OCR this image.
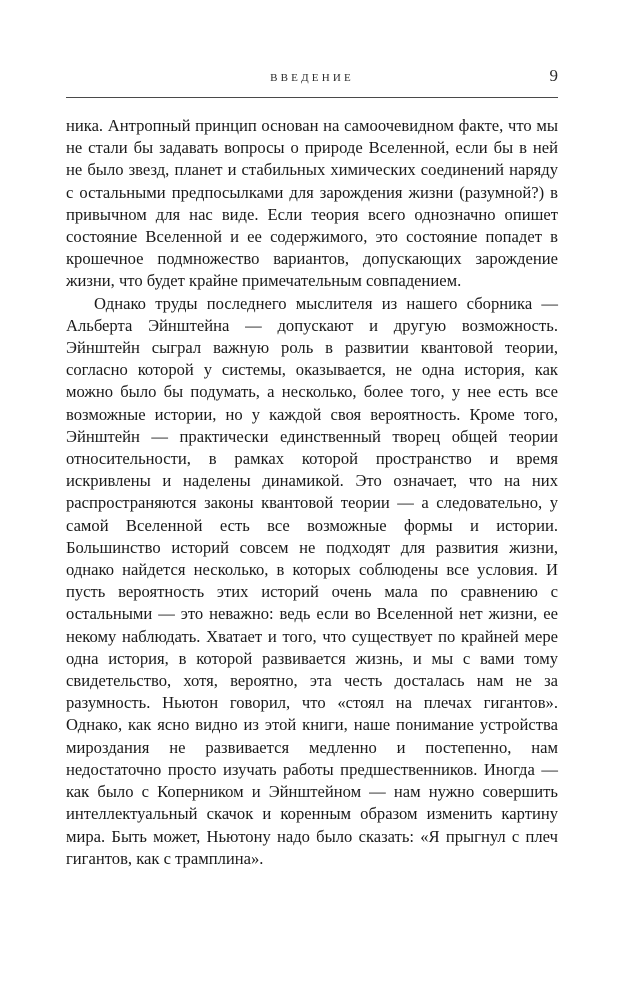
ВВЕДЕНИЕ	9

ника. Антропный принцип основан на самоочевидном факте, что мы не стали бы задавать вопросы о природе Вселенной, если бы в ней не было звезд, планет и стабильных химических соединений наряду с остальными предпосылками для зарождения жизни (разумной?) в привычном для нас виде. Если теория всего однозначно опишет состояние Вселенной и ее содержимого, это состояние попадет в крошечное подмножество вариантов, допускающих зарождение жизни, что будет крайне примечательным совпадением.

Однако труды последнего мыслителя из нашего сборника — Альберта Эйнштейна — допускают и другую возможность. Эйнштейн сыграл важную роль в развитии квантовой теории, согласно которой у системы, оказывается, не одна история, как можно было бы подумать, а несколько, более того, у нее есть все возможные истории, но у каждой своя вероятность. Кроме того, Эйнштейн — практически единственный творец общей теории относительности, в рамках которой пространство и время искривлены и наделены динамикой. Это означает, что на них распространяются законы квантовой теории — а следовательно, у самой Вселенной есть все возможные формы и истории. Большинство историй совсем не подходят для развития жизни, однако найдется несколько, в которых соблюдены все условия. И пусть вероятность этих историй очень мала по сравнению с остальными — это неважно: ведь если во Вселенной нет жизни, ее некому наблюдать. Хватает и того, что существует по крайней мере одна история, в которой развивается жизнь, и мы с вами тому свидетельство, хотя, вероятно, эта честь досталась нам не за разумность. Ньютон говорил, что «стоял на плечах гигантов». Однако, как ясно видно из этой книги, наше понимание устройства мироздания не развивается медленно и постепенно, нам недостаточно просто изучать работы предшественников. Иногда — как было с Коперником и Эйнштейном — нам нужно совершить интеллектуальный скачок и коренным образом изменить картину мира. Быть может, Ньютону надо было сказать: «Я прыгнул с плеч гигантов, как с трамплина».
